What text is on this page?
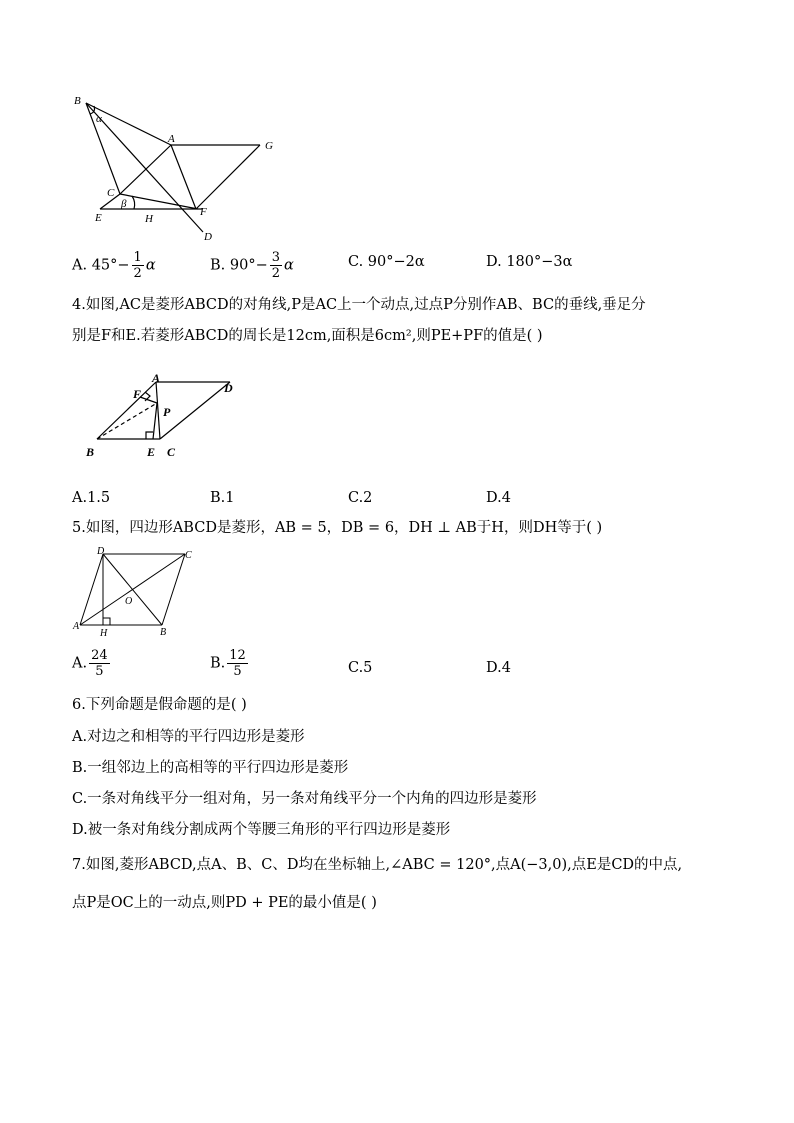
B
α
A
G
C
β
E	H
F
D
A. $45^\circ- \frac{1}{2}$ α	B. $90^\circ- \frac{3}{2}$ α	C. 90°−2α	D. 180°−3α
4.如图,AC是菱形ABCD的对角线,P是AC上一个动点,过点P分别作AB、BC的垂线,垂足分
别是F和E.若菱形ABCD的周长是12cm,面积是6cm²,则PE+PF的值是( )
F
A
D
P
B	E C
A.1.5	B.1	C.2	D.4
5.如图，四边形ABCD是菱形，AB = 5，DB = 6，DH ⊥ AB于H，则DH等于( )
D	C
O
A
H	B
A. $\frac{24}{5}$	B. $\frac{12}{5}$	C.5	D.4
6.下列命题是假命题的是( )
A.对边之和相等的平行四边形是菱形
B.一组邻边上的高相等的平行四边形是菱形
C.一条对角线平分一组对角，另一条对角线平分一个内角的四边形是菱形
D.被一条对角线分割成两个等腰三角形的平行四边形是菱形
7.如图,菱形ABCD,点A、B、C、D均在坐标轴上,∠ABC = 120°,点A(−3,0),点E是CD的中点,
点P是OC上的一动点,则PD + PE的最小值是( )
